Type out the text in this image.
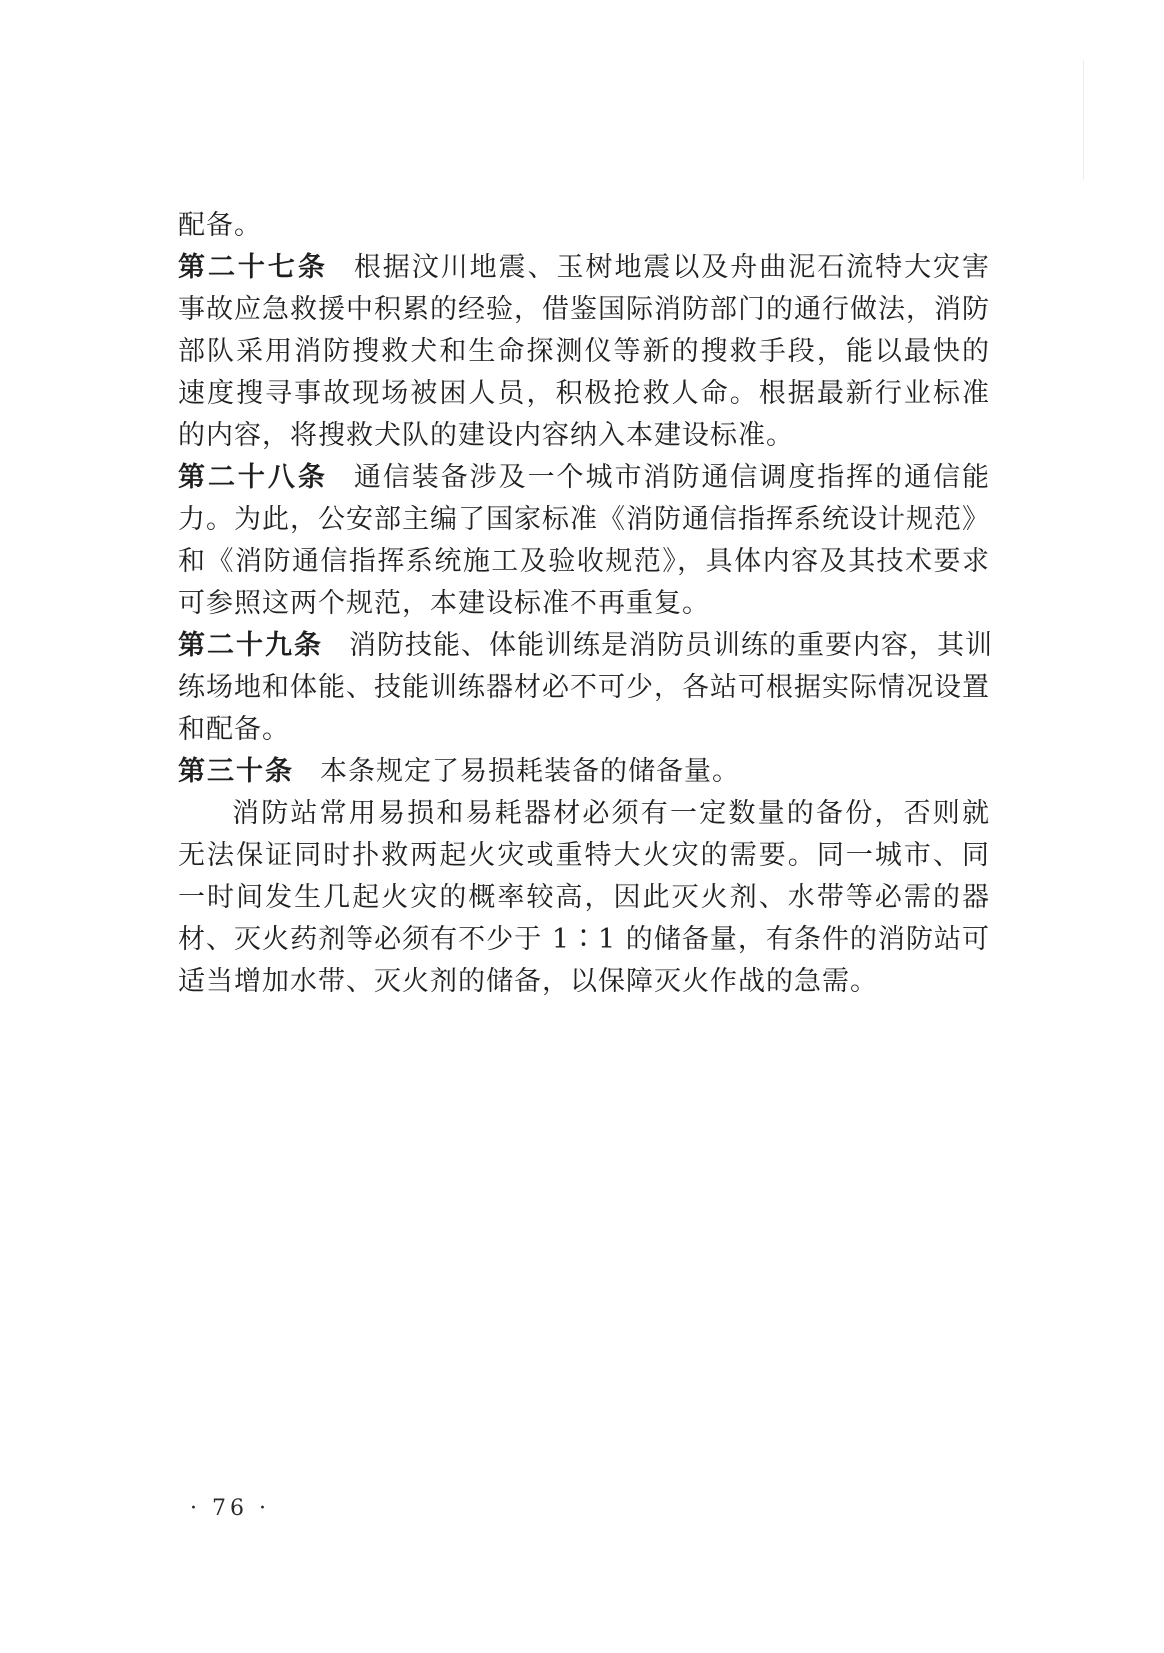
配备。
第二十七条 根据汶川地震、玉树地震以及舟曲泥石流特大灾害
事故应急救援中积累的经验，借鉴国际消防部门的通行做法，消防
部队采用消防搜救犬和生命探测仪等新的搜救手段，能以最快的
速度搜寻事故现场被困人员，积极抢救人命。根据最新行业标准
的内容，将搜救犬队的建设内容纳入本建设标准。
第二十八条 通信装备涉及一个城市消防通信调度指挥的通信能
力。为此，公安部主编了国家标准《消防通信指挥系统设计规范》
和《消防通信指挥系统施工及验收规范》，具体内容及其技术要求
可参照这两个规范，本建设标准不再重复。
第二十九条 消防技能、体能训练是消防员训练的重要内容，其训
练场地和体能、技能训练器材必不可少，各站可根据实际情况设置
和配备。
第三十条 本条规定了易损耗装备的储备量。
消防站常用易损和易耗器材必须有一定数量的备份，否则就
无法保证同时扑救两起火灾或重特大火灾的需要。同一城市、同
一时间发生几起火灾的概率较高，因此灭火剂、水带等必需的器
材、灭火药剂等必须有不少于 1∶1 的储备量，有条件的消防站可
适当增加水带、灭火剂的储备，以保障灭火作战的急需。
· 76 ·
